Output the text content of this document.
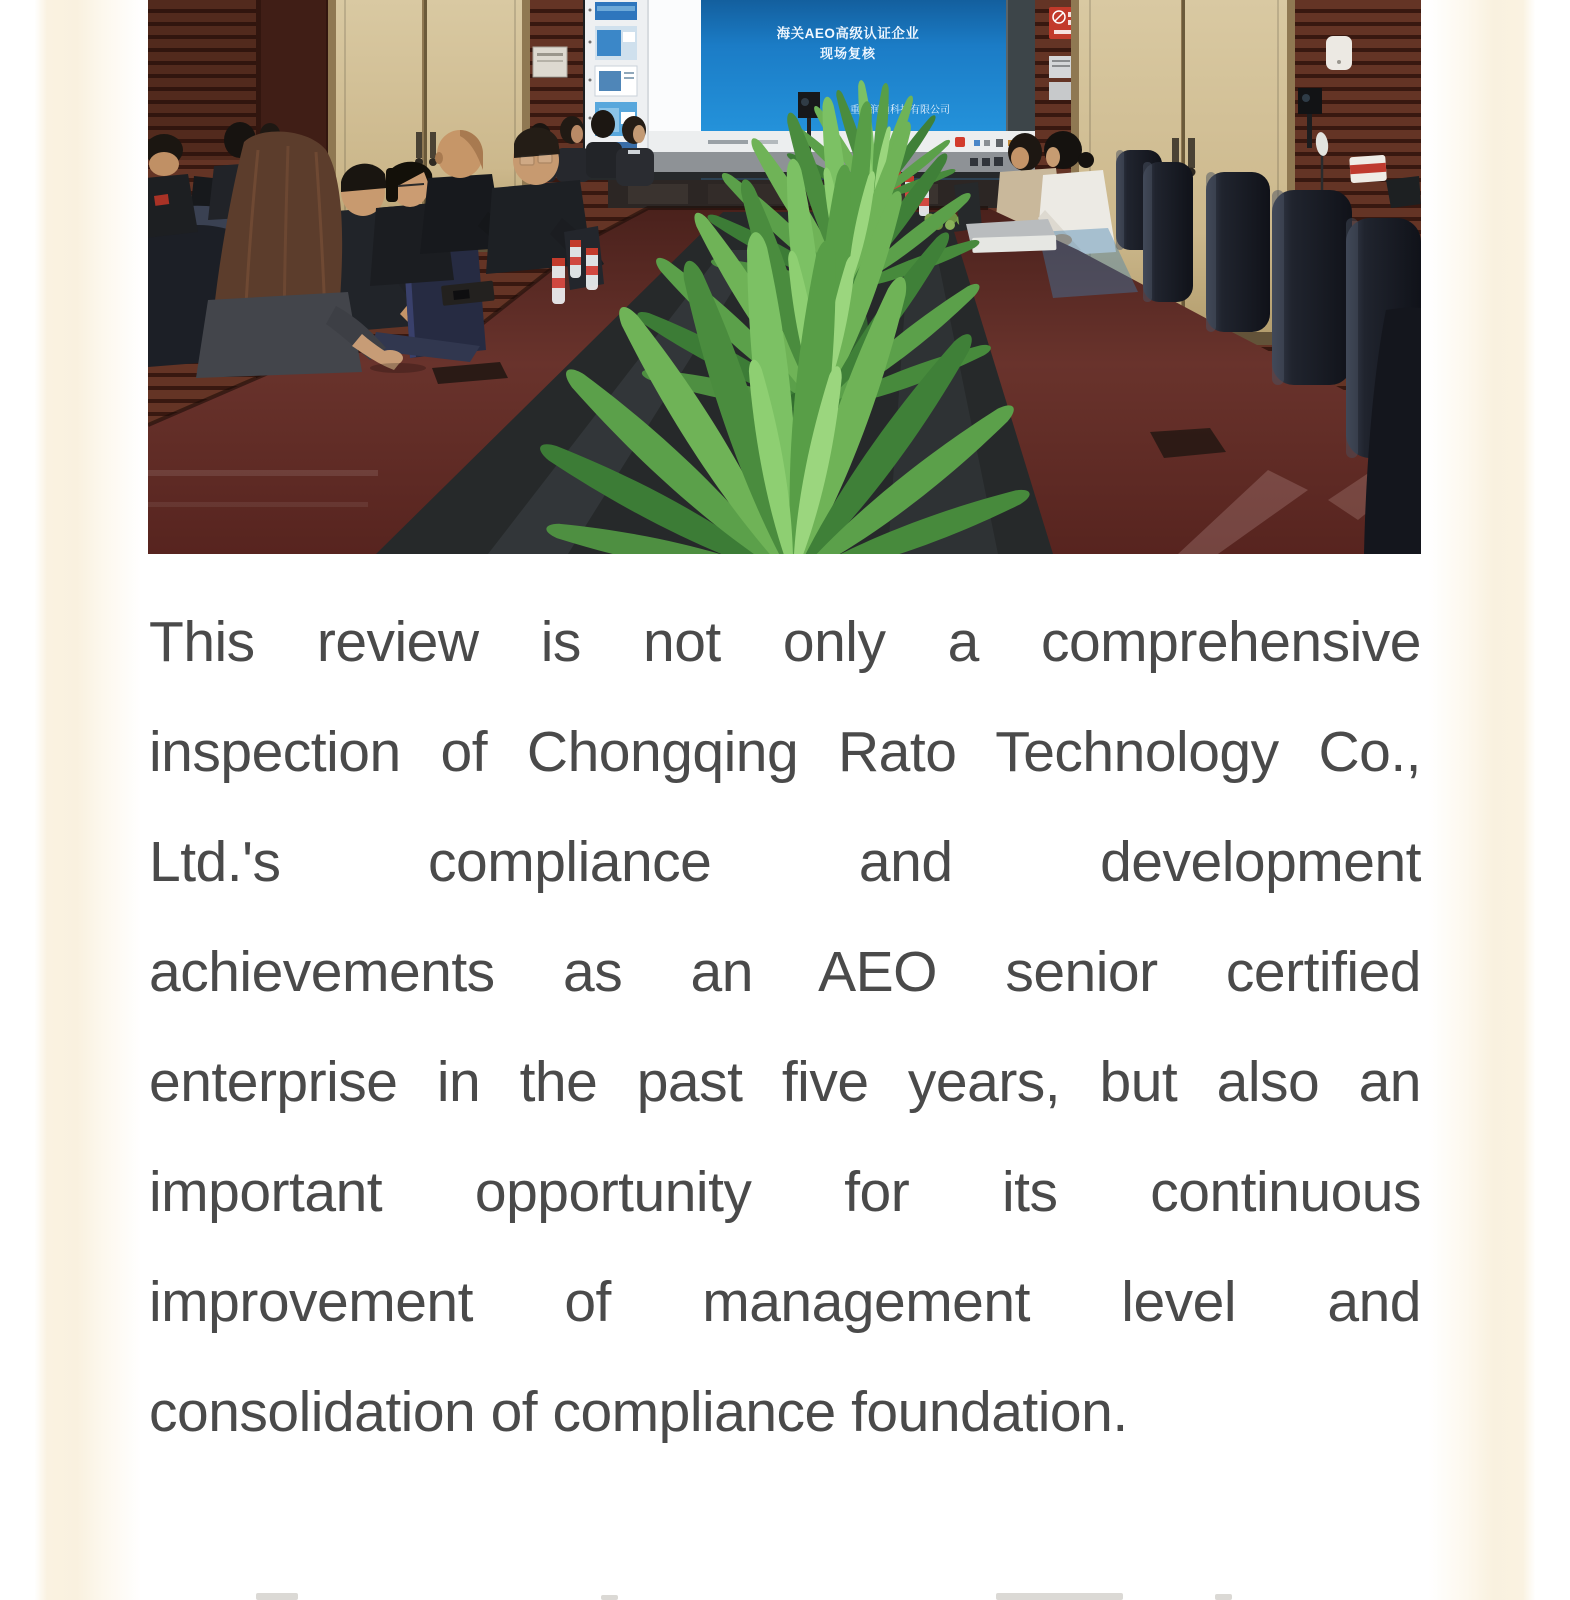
海关AEO高级认证企业
现场复核
重庆润通科技有限公司
This review is not only a comprehensive
inspection of Chongqing Rato Technology Co.,
Ltd.'s compliance and development
achievements as an AEO senior certified
enterprise in the past five years, but also an
important opportunity for its continuous
improvement of management level and
consolidation of compliance foundation.
